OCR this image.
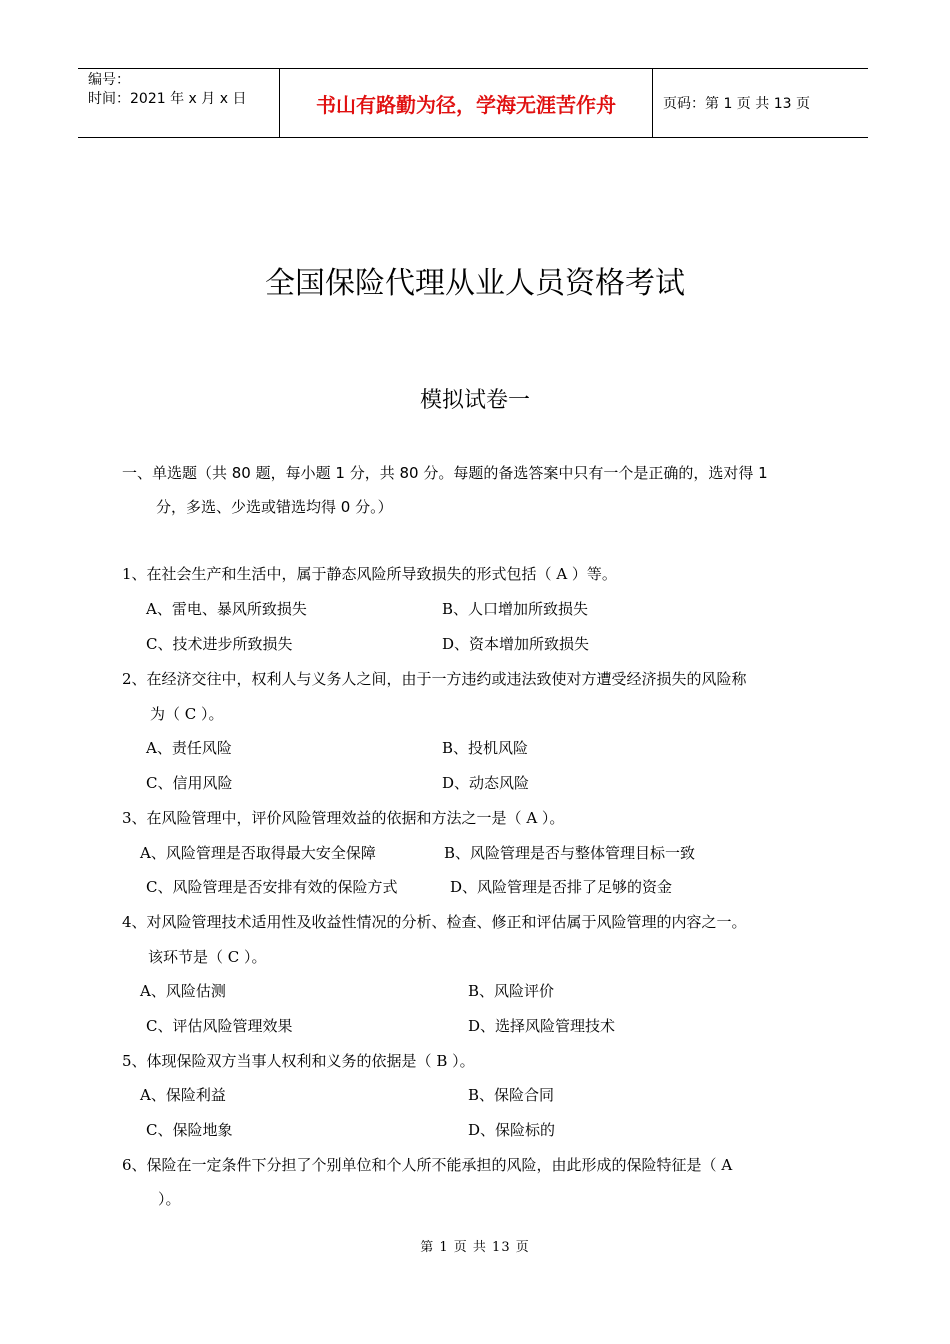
编号：
时间：2021 年 x 月 x 日	书山有路勤为径，学海无涯苦作舟	页码：第 1 页 共 13 页
全国保险代理从业人员资格考试
模拟试卷一
一、单选题（共 80 题，每小题 1 分，共 80 分。每题的备选答案中只有一个是正确的，选对得 1
分，多选、少选或错选均得 0 分。）
1、在社会生产和生活中，属于静态风险所导致损失的形式包括（ A ）等。
A、雷电、暴风所致损失	B、人口增加所致损失
C、技术进步所致损失	D、资本增加所致损失
2、在经济交往中，权利人与义务人之间，由于一方违约或违法致使对方遭受经济损失的风险称
为（ C ）。
A、责任风险	B、投机风险
C、信用风险	D、动态风险
3、在风险管理中，评价风险管理效益的依据和方法之一是（ A ）。
A、风险管理是否取得最大安全保障	B、风险管理是否与整体管理目标一致
C、风险管理是否安排有效的保险方式	D、风险管理是否排了足够的资金
4、对风险管理技术适用性及收益性情况的分析、检查、修正和评估属于风险管理的内容之一。
该环节是（ C ）。
A、风险估测	B、风险评价
C、评估风险管理效果	D、选择风险管理技术
5、体现保险双方当事人权利和义务的依据是（ B ）。
A、保险利益	B、保险合同
C、保险地象	D、保险标的
6、保险在一定条件下分担了个别单位和个人所不能承担的风险，由此形成的保险特征是（ A
）。
第 1 页 共 13 页
